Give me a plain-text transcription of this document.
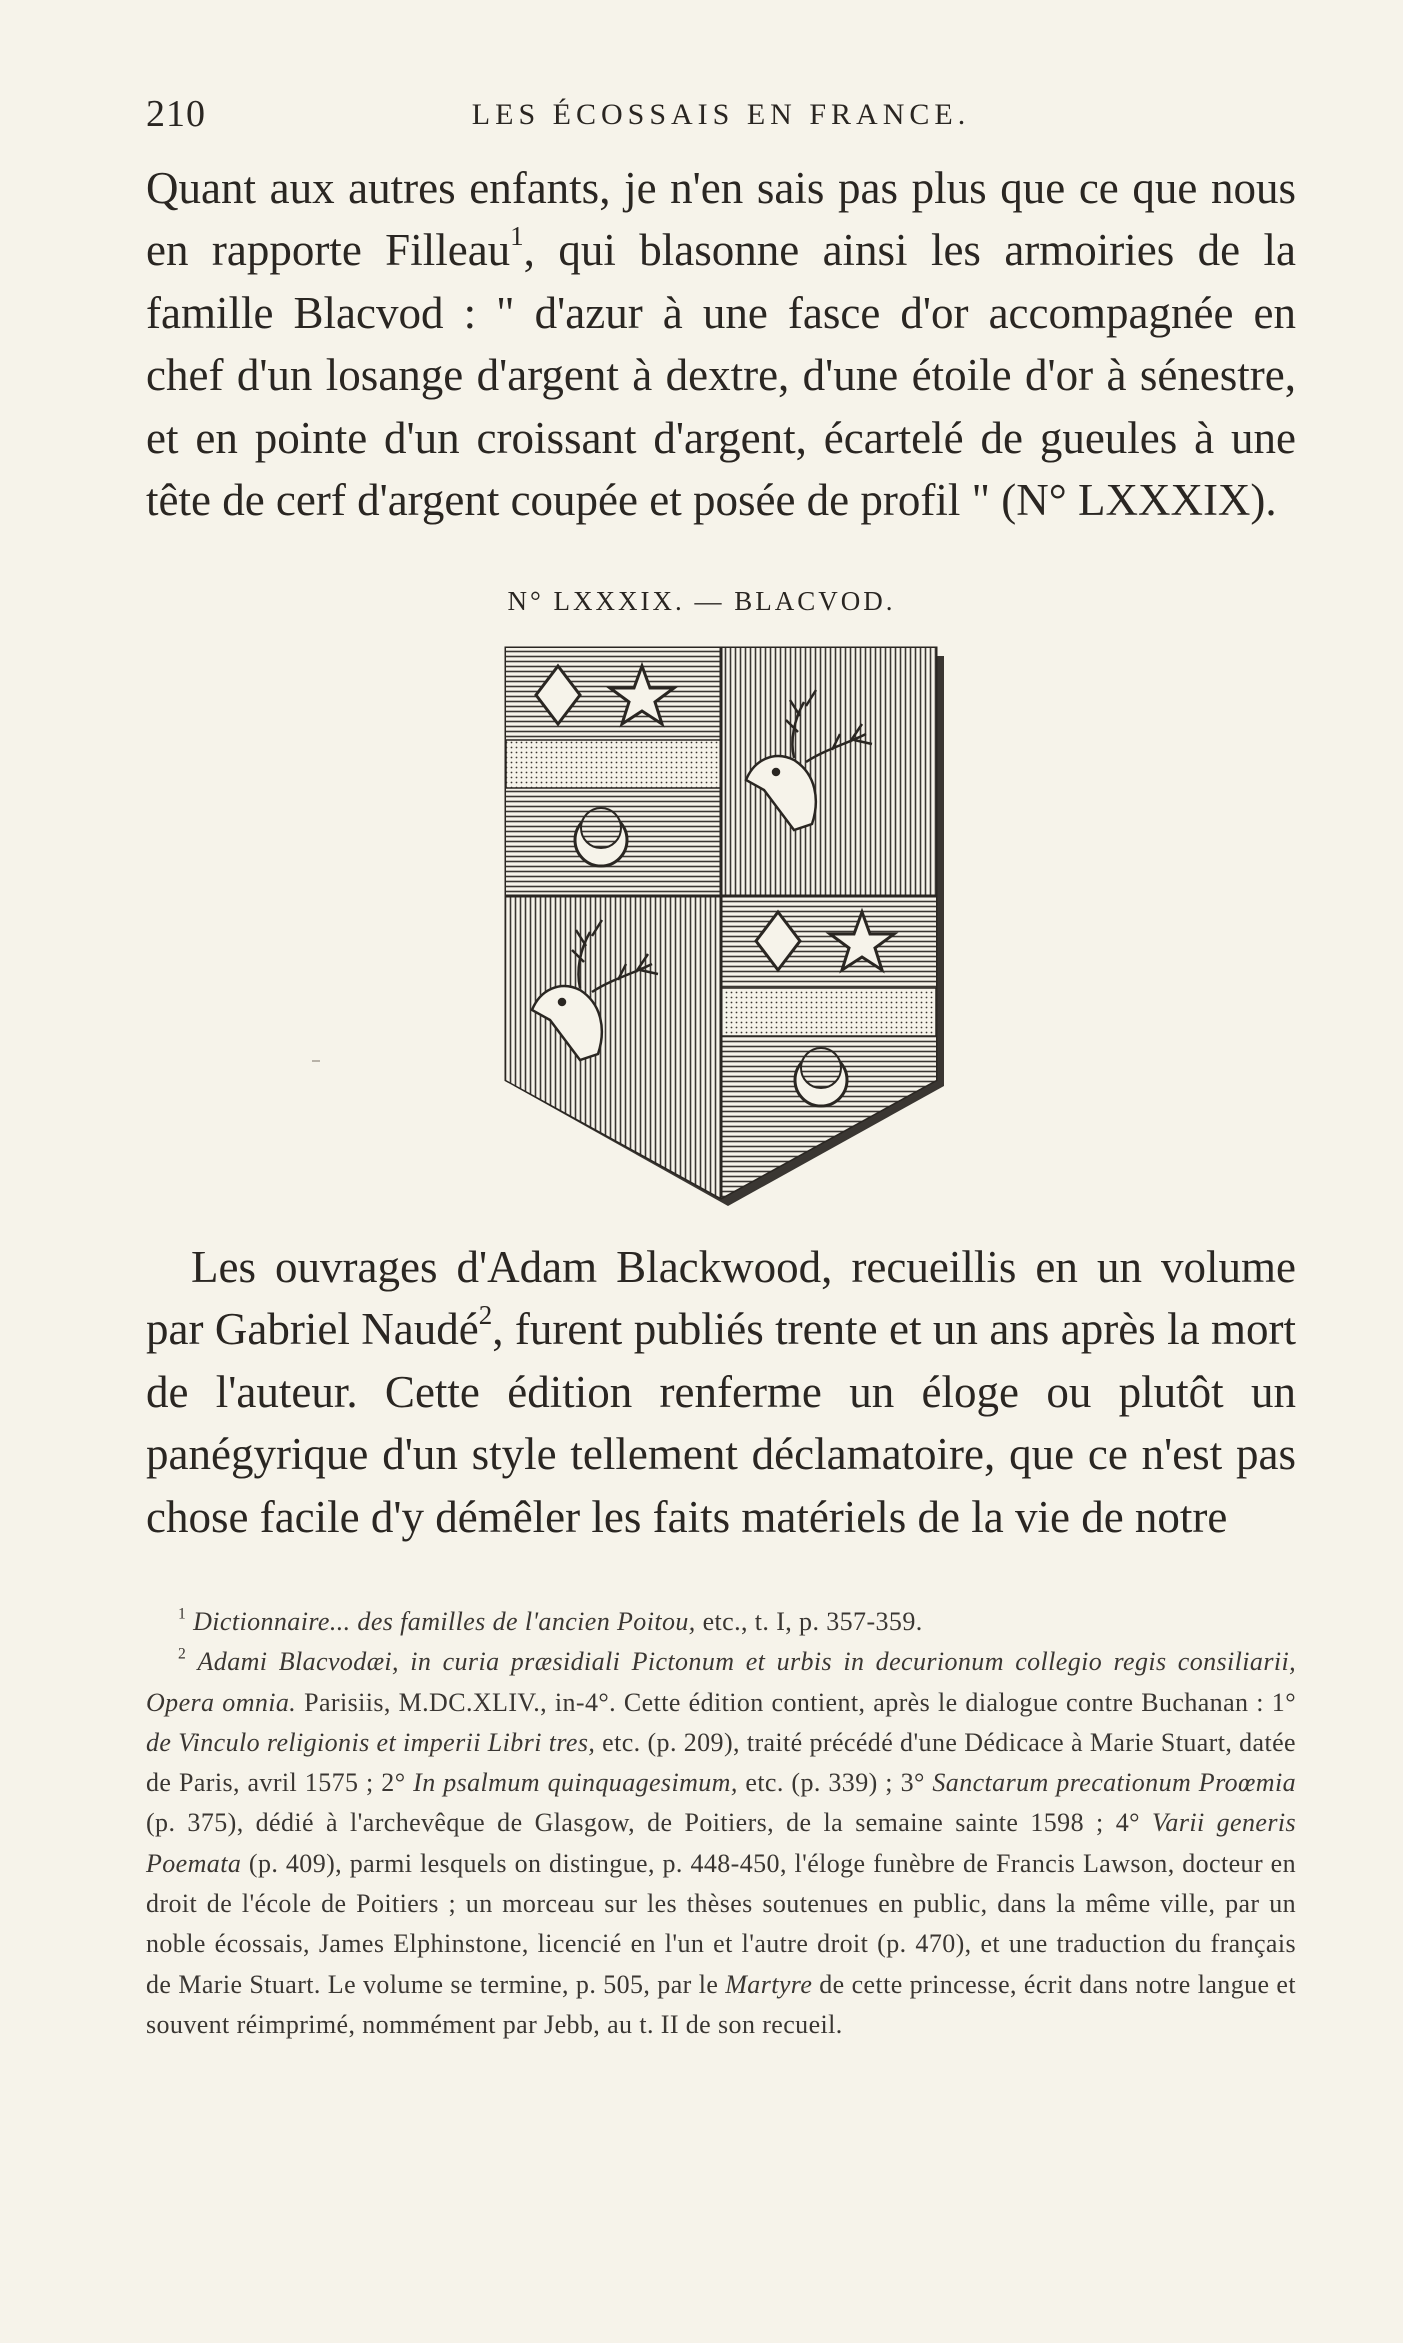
210	LES ÉCOSSAIS EN FRANCE.

Quant aux autres enfants, je n'en sais pas plus que ce que nous en rapporte Filleau$^1$, qui blasonne ainsi les armoiries de la famille Blacvod : " d'azur à une fasce d'or accompagnée en chef d'un losange d'argent à dextre, d'une étoile d'or à sénestre, et en pointe d'un croissant d'argent, écartelé de gueules à une tête de cerf d'argent coupée et posée de profil " (N° LXXXIX).

N° LXXXIX. — BLACVOD.

Les ouvrages d'Adam Blackwood, recueillis en un volume par Gabriel Naudé$^2$, furent publiés trente et un ans après la mort de l'auteur. Cette édition renferme un éloge ou plutôt un panégyrique d'un style tellement déclamatoire, que ce n'est pas chose facile d'y démêler les faits matériels de la vie de notre

$^1$ Dictionnaire... des familles de l'ancien Poitou, etc., t. I, p. 357-359.

$^2$ Adami Blacvodæi, in curia præsidiali Pictonum et urbis in decurionum collegio regis consiliarii, Opera omnia. Parisiis, M.DC.XLIV., in-4°. Cette édition contient, après le dialogue contre Buchanan : 1° de Vinculo religionis et imperii Libri tres, etc. (p. 209), traité précédé d'une Dédicace à Marie Stuart, datée de Paris, avril 1575 ; 2° In psalmum quinquagesimum, etc. (p. 339) ; 3° Sanctarum precationum Proœmia (p. 375), dédié à l'archevêque de Glasgow, de Poitiers, de la semaine sainte 1598 ; 4° Varii generis Poemata (p. 409), parmi lesquels on distingue, p. 448-450, l'éloge funèbre de Francis Lawson, docteur en droit de l'école de Poitiers ; un morceau sur les thèses soutenues en public, dans la même ville, par un noble écossais, James Elphinstone, licencié en l'un et l'autre droit (p. 470), et une traduction du français de Marie Stuart. Le volume se termine, p. 505, par le Martyre de cette princesse, écrit dans notre langue et souvent réimprimé, nommément par Jebb, au t. II de son recueil.
